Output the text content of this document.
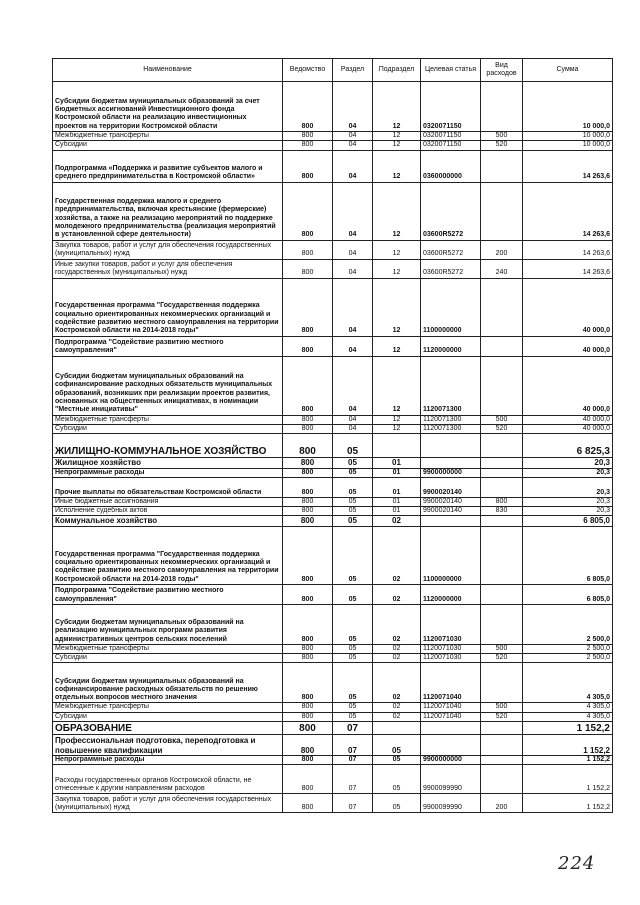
Наименование	Ведомство	Раздел	Подраздел	Целевая статья	Вид расходов	Сумма
Субсидии бюджетам муниципальных образований за счет бюджетных ассигнований Инвестиционного фонда Костромской области на реализацию инвестиционных проектов на территории Костромской области	800	04	12	0320071150		10 000,0
Межбюджетные трансферты	800	04	12	0320071150	500	10 000,0
Субсидии	800	04	12	0320071150	520	10 000,0
Подпрограмма «Поддержка и развитие субъектов малого и среднего предпринимательства в Костромской области»	800	04	12	0360000000		14 263,6
Государственная поддержка малого и среднего предпринимательства, включая крестьянские (фермерские) хозяйства, а также на реализацию мероприятий по поддержке молодежного предпринимательства (реализация мероприятий в установленной сфере деятельности)	800	04	12	03600R5272		14 263,6
Закупка товаров, работ и услуг для обеспечения государственных (муниципальных) нужд	800	04	12	03600R5272	200	14 263,6
Иные закупки товаров, работ и услуг для обеспечения государственных (муниципальных) нужд	800	04	12	03600R5272	240	14 263,6
Государственная программа "Государственная поддержка социально ориентированных некоммерческих организаций и содействие развитию местного самоуправления на территории Костромской области на 2014-2018 годы"	800	04	12	1100000000		40 000,0
Подпрограмма "Содействие развитию местного самоуправления"	800	04	12	1120000000		40 000,0
Субсидии бюджетам муниципальных образований на софинансирование расходных обязательств муниципальных образований, возникших при реализации проектов развития, основанных на общественных инициативах, в номинации "Местные инициативы"	800	04	12	1120071300		40 000,0
Межбюджетные трансферты	800	04	12	1120071300	500	40 000,0
Субсидии	800	04	12	1120071300	520	40 000,0
ЖИЛИЩНО-КОММУНАЛЬНОЕ ХОЗЯЙСТВО	800	05				6 825,3
Жилищное хозяйство	800	05	01			20,3
Непрограммные расходы	800	05	01	9900000000		20,3
Прочие выплаты по обязательствам Костромской области	800	05	01	9900020140		20,3
Иные бюджетные ассигнования	800	05	01	9900020140	800	20,3
Исполнение судебных актов	800	05	01	9900020140	830	20,3
Коммунальное хозяйство	800	05	02			6 805,0
Государственная программа "Государственная поддержка социально ориентированных некоммерческих организаций и содействие развитию местного самоуправления на территории Костромской области на 2014-2018 годы"	800	05	02	1100000000		6 805,0
Подпрограмма "Содействие развитию местного самоуправления"	800	05	02	1120000000		6 805,0
Субсидии бюджетам муниципальных образований на реализацию муниципальных программ развития административных центров сельских поселений	800	05	02	1120071030		2 500,0
Межбюджетные трансферты	800	05	02	1120071030	500	2 500,0
Субсидии	800	05	02	1120071030	520	2 500,0
Субсидии бюджетам муниципальных образований на софинансирование расходных обязательств по решению отдельных вопросов местного значения	800	05	02	1120071040		4 305,0
Межбюджетные трансферты	800	05	02	1120071040	500	4 305,0
Субсидии	800	05	02	1120071040	520	4 305,0
ОБРАЗОВАНИЕ	800	07				1 152,2
Профессиональная подготовка, переподготовка и повышение квалификации	800	07	05			1 152,2
Непрограммные расходы	800	07	05	9900000000		1 152,2
Расходы государственных органов Костромской области, не отнесенные к другим направлениям расходов	800	07	05	9900099990		1 152,2
Закупка товаров, работ и услуг для обеспечения государственных (муниципальных) нужд	800	07	05	9900099990	200	1 152,2
224
